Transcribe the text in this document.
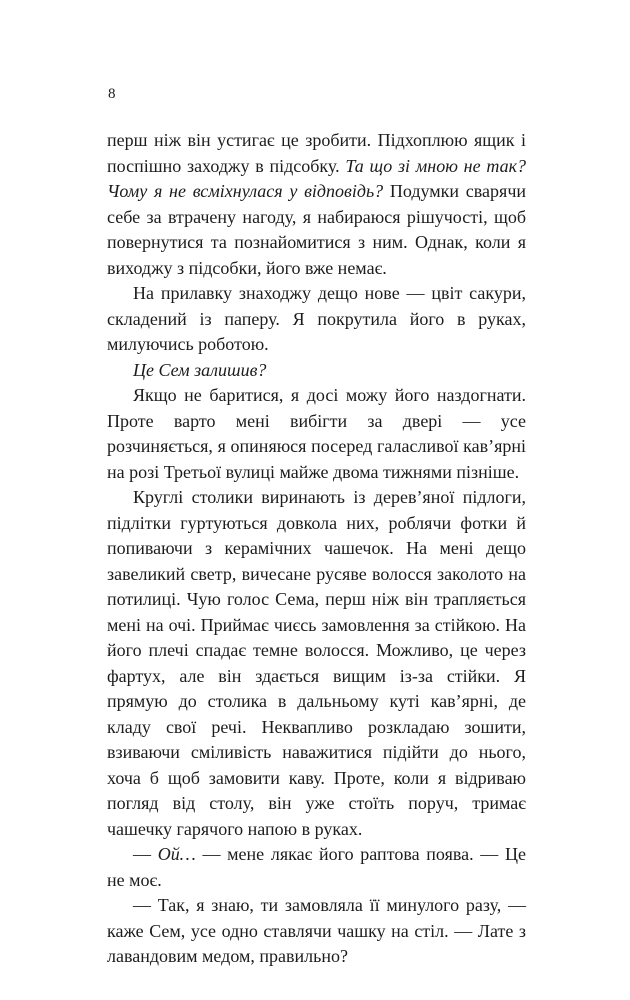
8

перш ніж він устигає це зробити. Підхоплюю ящик і поспішно заходжу в підсобку. Та що зі мною не так? Чому я не всміхнулася у відповідь? Подумки сварячи себе за втрачену нагоду, я набираюся рішучості, щоб повернутися та познайомитися з ним. Однак, коли я виходжу з підсобки, його вже немає.

На прилавку знаходжу дещо нове — цвіт сакури, складений із паперу. Я покрутила його в руках, милуючись роботою.

Це Сем залишив?

Якщо не баритися, я досі можу його наздогнати. Проте варто мені вибігти за двері — усе розчиняється, я опиняюся посеред галасливої кав’ярні на розі Третьої вулиці майже двома тижнями пізніше.

Круглі столики виринають із дерев’яної підлоги, підлітки гуртуються довкола них, роблячи фотки й попиваючи з керамічних чашечок. На мені дещо завеликий светр, вичесане русяве волосся заколото на потилиці. Чую голос Сема, перш ніж він трапляється мені на очі. Приймає чиєсь замовлення за стійкою. На його плечі спадає темне волосся. Можливо, це через фартух, але він здається вищим із-за стійки. Я прямую до столика в дальньому куті кав’ярні, де кладу свої речі. Неквапливо розкладаю зошити, взиваючи сміливість наважитися підійти до нього, хоча б щоб замовити каву. Проте, коли я відриваю погляд від столу, він уже стоїть поруч, тримає чашечку гарячого напою в руках.

— Ой… — мене лякає його раптова поява. — Це не моє.

— Так, я знаю, ти замовляла її минулого разу, — каже Сем, усе одно ставлячи чашку на стіл. — Лате з лавандовим медом, правильно?
